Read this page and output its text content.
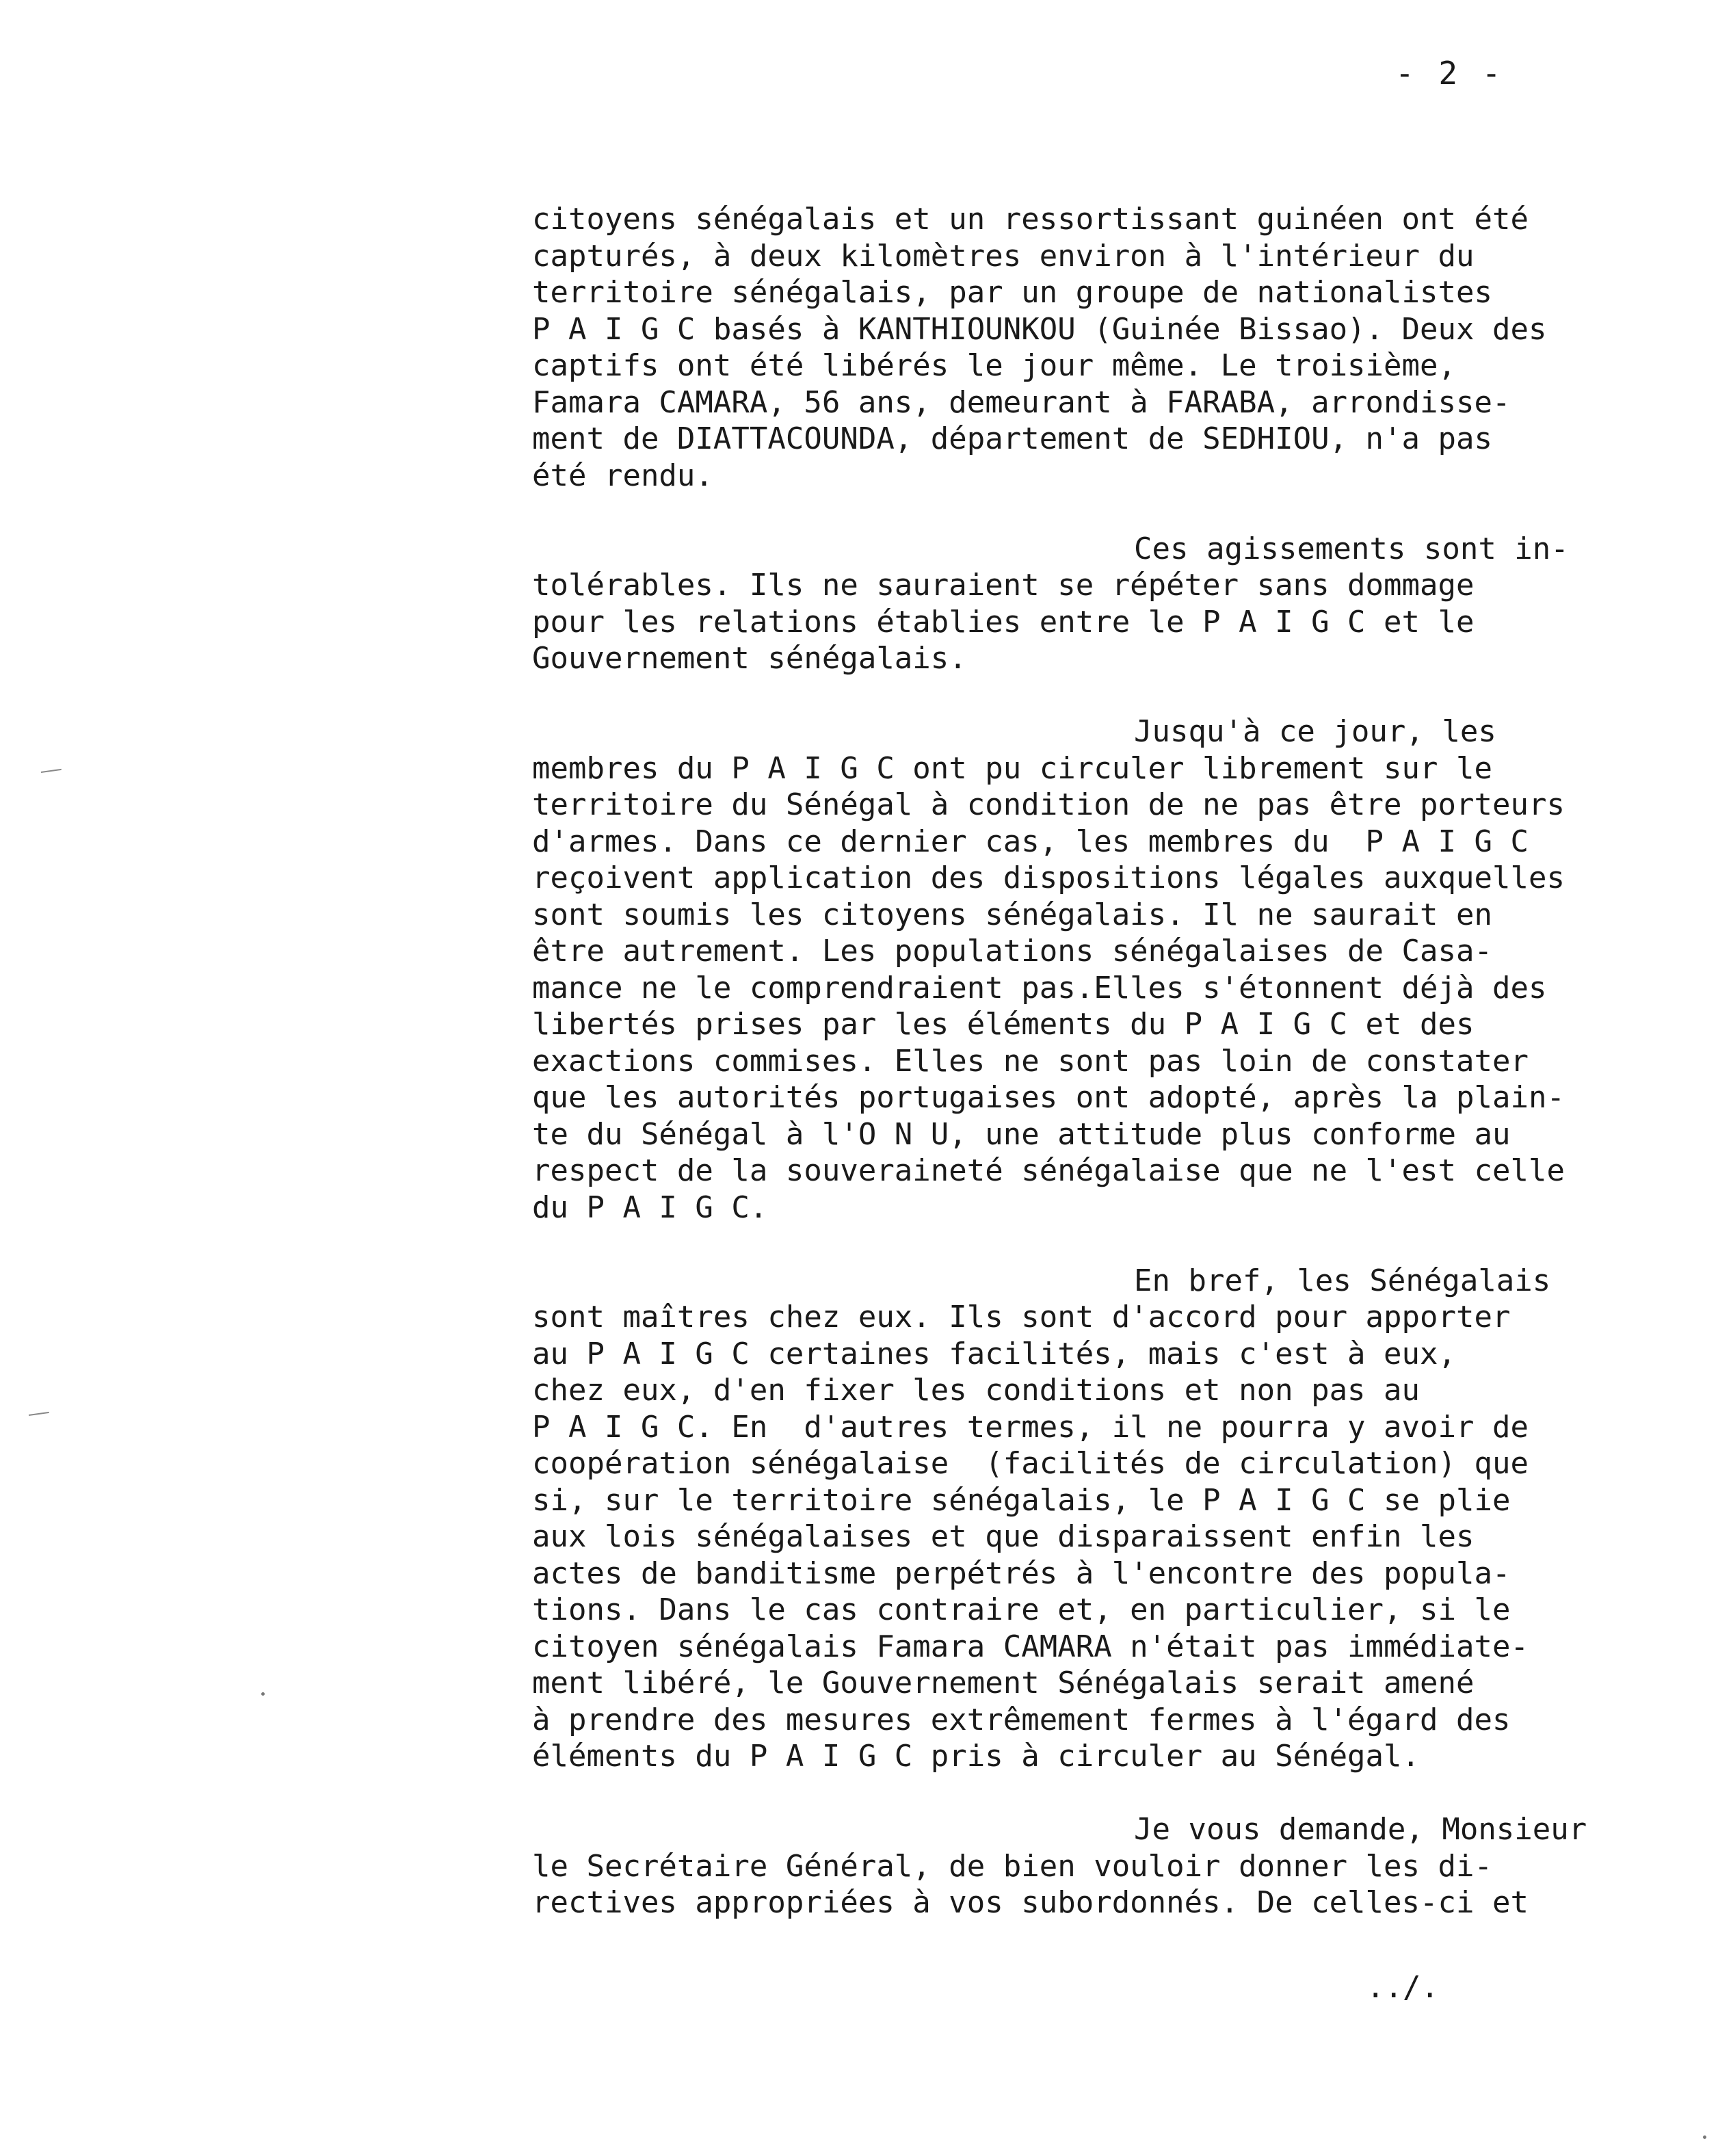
- 2 -
citoyens sénégalais et un ressortissant guinéen ont été
capturés, à deux kilomètres environ à l'intérieur du
territoire sénégalais, par un groupe de nationalistes
P A I G C basés à KANTHIOUNKOU (Guinée Bissao). Deux des
captifs ont été libérés le jour même. Le troisième,
Famara CAMARA, 56 ans, demeurant à FARABA, arrondisse-
ment de DIATTACOUNDA, département de SEDHIOU, n'a pas
été rendu.
Ces agissements sont in-
tolérables. Ils ne sauraient se répéter sans dommage
pour les relations établies entre le P A I G C et le
Gouvernement sénégalais.
Jusqu'à ce jour, les
membres du P A I G C ont pu circuler librement sur le
territoire du Sénégal à condition de ne pas être porteurs
d'armes. Dans ce dernier cas, les membres du  P A I G C
reçoivent application des dispositions légales auxquelles
sont soumis les citoyens sénégalais. Il ne saurait en
être autrement. Les populations sénégalaises de Casa-
mance ne le comprendraient pas.Elles s'étonnent déjà des
libertés prises par les éléments du P A I G C et des
exactions commises. Elles ne sont pas loin de constater
que les autorités portugaises ont adopté, après la plain-
te du Sénégal à l'O N U, une attitude plus conforme au
respect de la souveraineté sénégalaise que ne l'est celle
du P A I G C.
En bref, les Sénégalais
sont maîtres chez eux. Ils sont d'accord pour apporter
au P A I G C certaines facilités, mais c'est à eux,
chez eux, d'en fixer les conditions et non pas au
P A I G C. En  d'autres termes, il ne pourra y avoir de
coopération sénégalaise  (facilités de circulation) que
si, sur le territoire sénégalais, le P A I G C se plie
aux lois sénégalaises et que disparaissent enfin les
actes de banditisme perpétrés à l'encontre des popula-
tions. Dans le cas contraire et, en particulier, si le
citoyen sénégalais Famara CAMARA n'était pas immédiate-
ment libéré, le Gouvernement Sénégalais serait amené
à prendre des mesures extrêmement fermes à l'égard des
éléments du P A I G C pris à circuler au Sénégal.
Je vous demande, Monsieur
le Secrétaire Général, de bien vouloir donner les di-
rectives appropriées à vos subordonnés. De celles-ci et
../.
